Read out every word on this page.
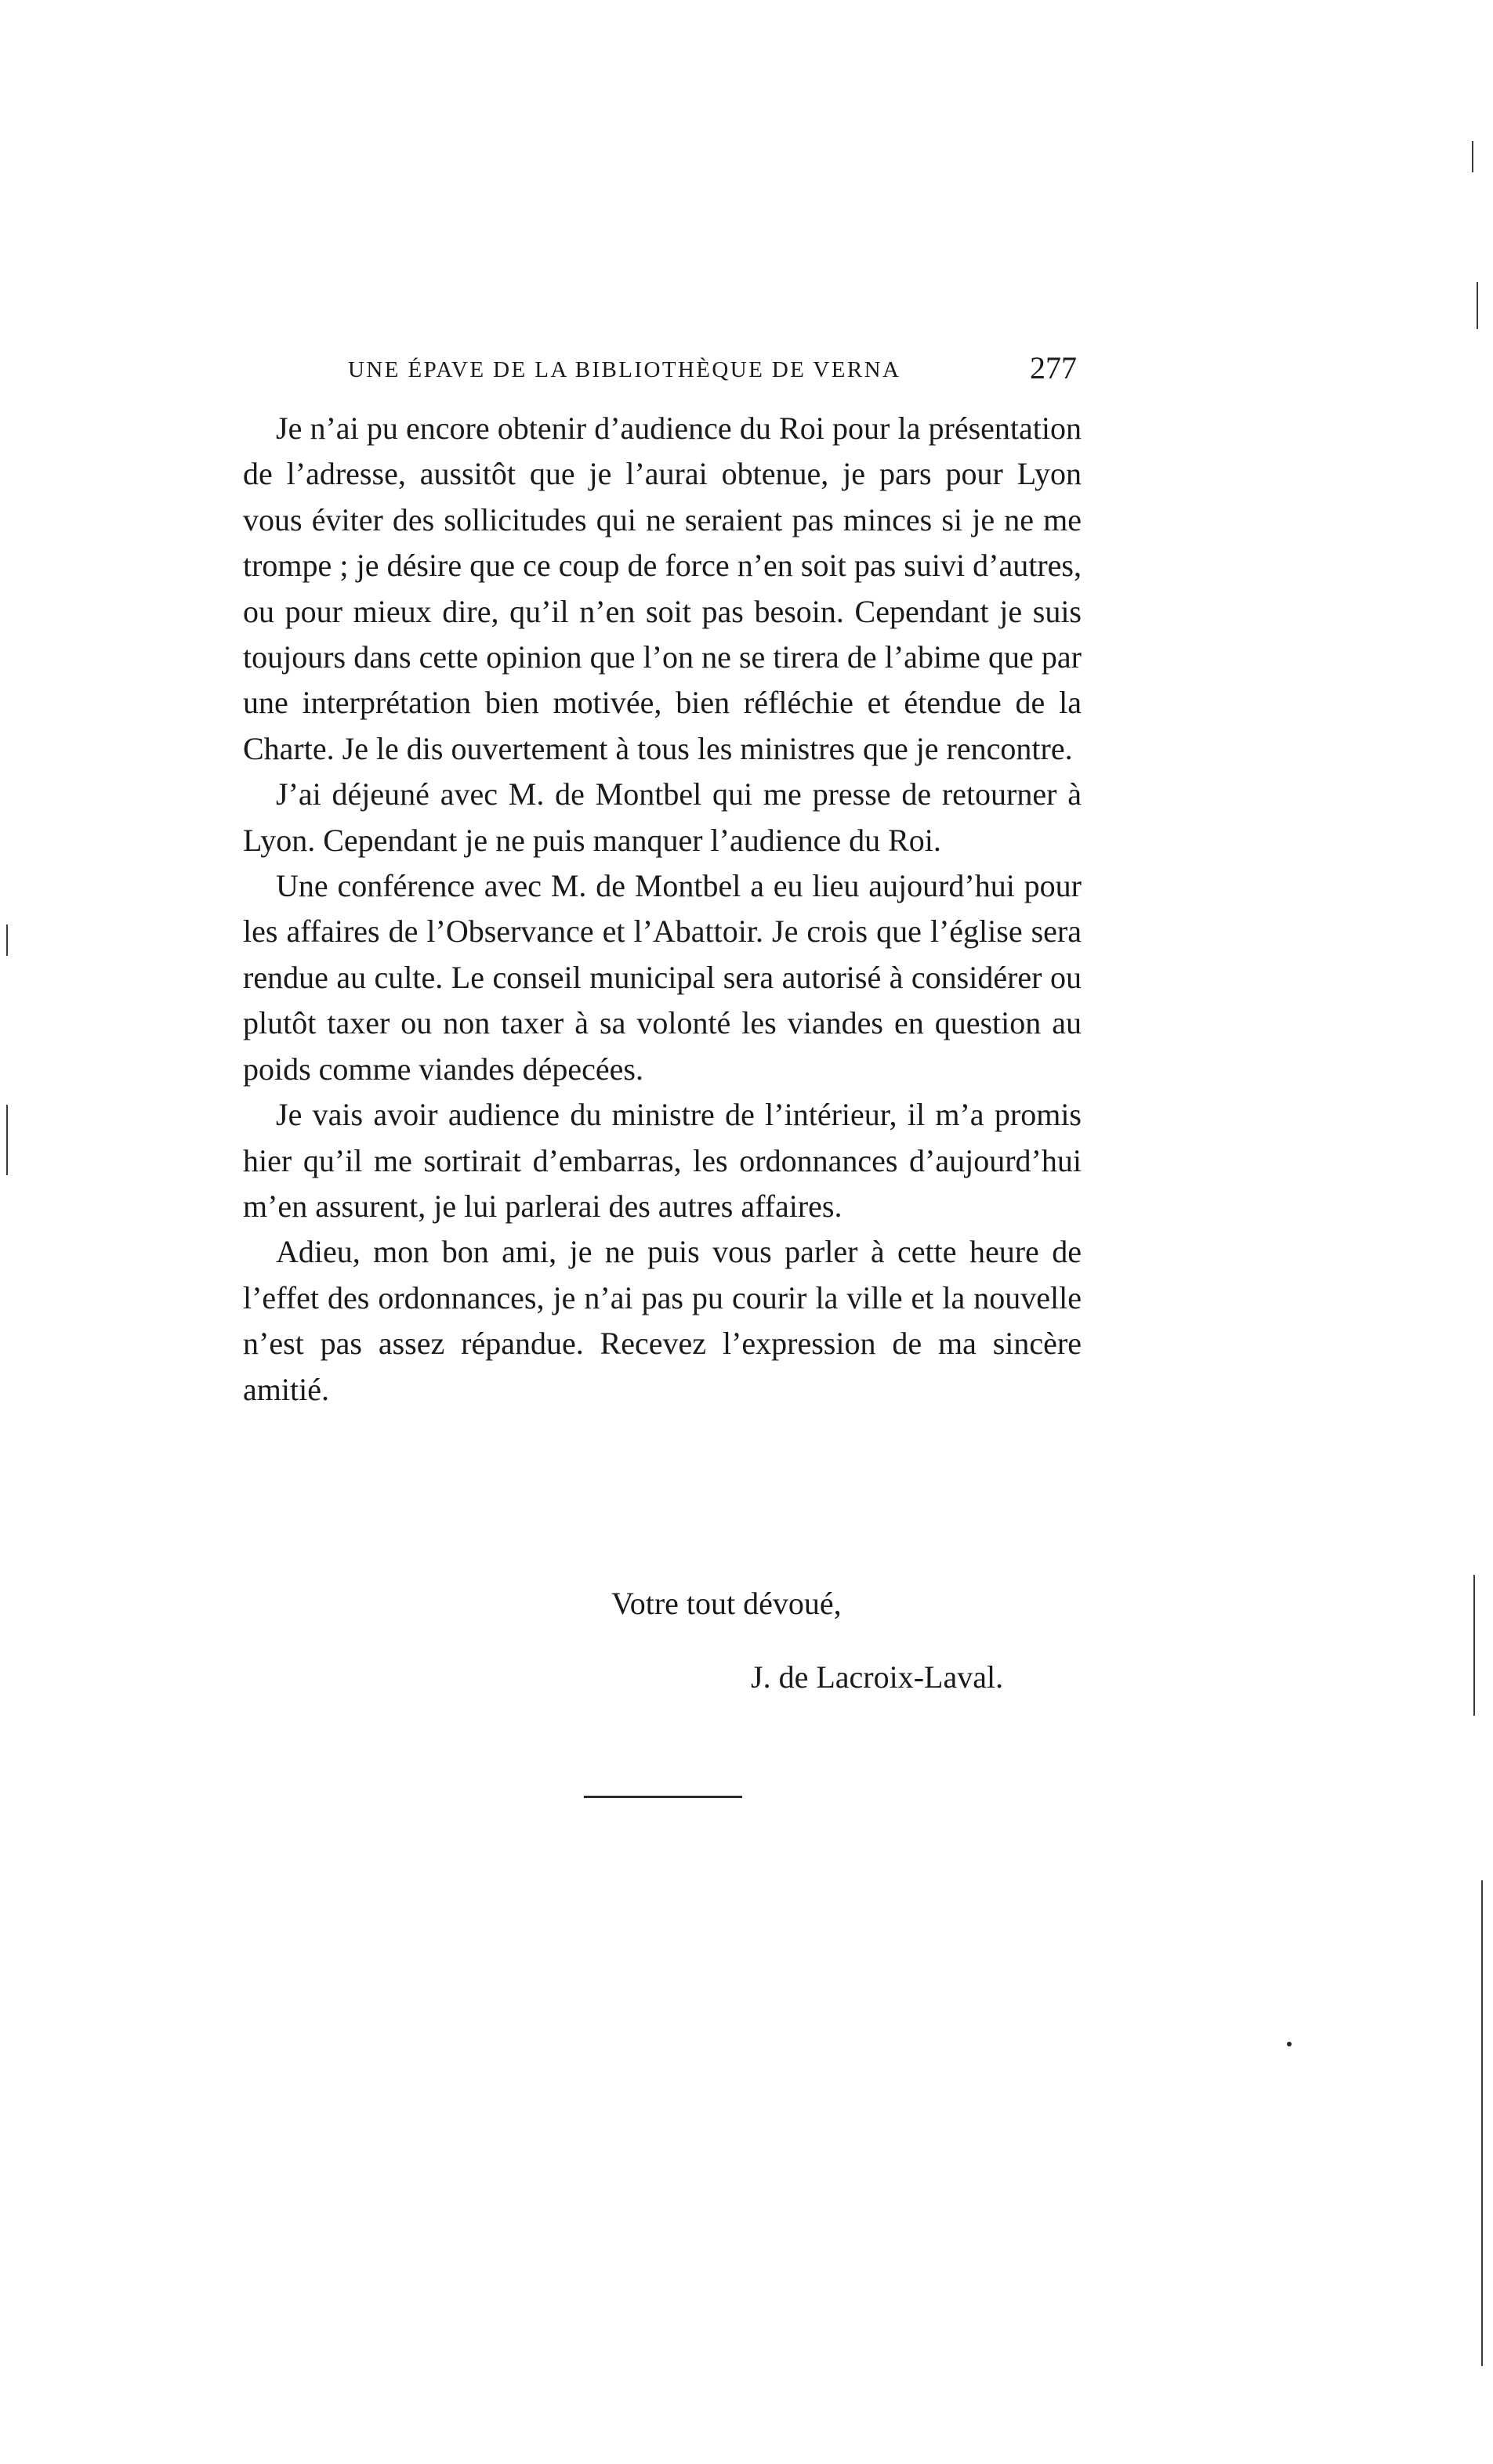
UNE ÉPAVE DE LA BIBLIOTHÈQUE DE VERNA	277

Je n’ai pu encore obtenir d’audience du Roi pour la présentation de l’adresse, aussitôt que je l’aurai obtenue, je pars pour Lyon vous éviter des sollicitudes qui ne seraient pas minces si je ne me trompe ; je désire que ce coup de force n’en soit pas suivi d’autres, ou pour mieux dire, qu’il n’en soit pas besoin. Cependant je suis toujours dans cette opinion que l’on ne se tirera de l’abime que par une interprétation bien motivée, bien réfléchie et étendue de la Charte. Je le dis ouvertement à tous les ministres que je rencontre.

J’ai déjeuné avec M. de Montbel qui me presse de retourner à Lyon. Cependant je ne puis manquer l’audience du Roi.

Une conférence avec M. de Montbel a eu lieu aujourd’hui pour les affaires de l’Observance et l’Abattoir. Je crois que l’église sera rendue au culte. Le conseil municipal sera autorisé à considérer ou plutôt taxer ou non taxer à sa volonté les viandes en question au poids comme viandes dépecées.

Je vais avoir audience du ministre de l’intérieur, il m’a promis hier qu’il me sortirait d’embarras, les ordonnances d’aujourd’hui m’en assurent, je lui parlerai des autres affaires.

Adieu, mon bon ami, je ne puis vous parler à cette heure de l’effet des ordonnances, je n’ai pas pu courir la ville et la nouvelle n’est pas assez répandue. Recevez l’expression de ma sincère amitié.

Votre tout dévoué,
J. de Lacroix-Laval.
